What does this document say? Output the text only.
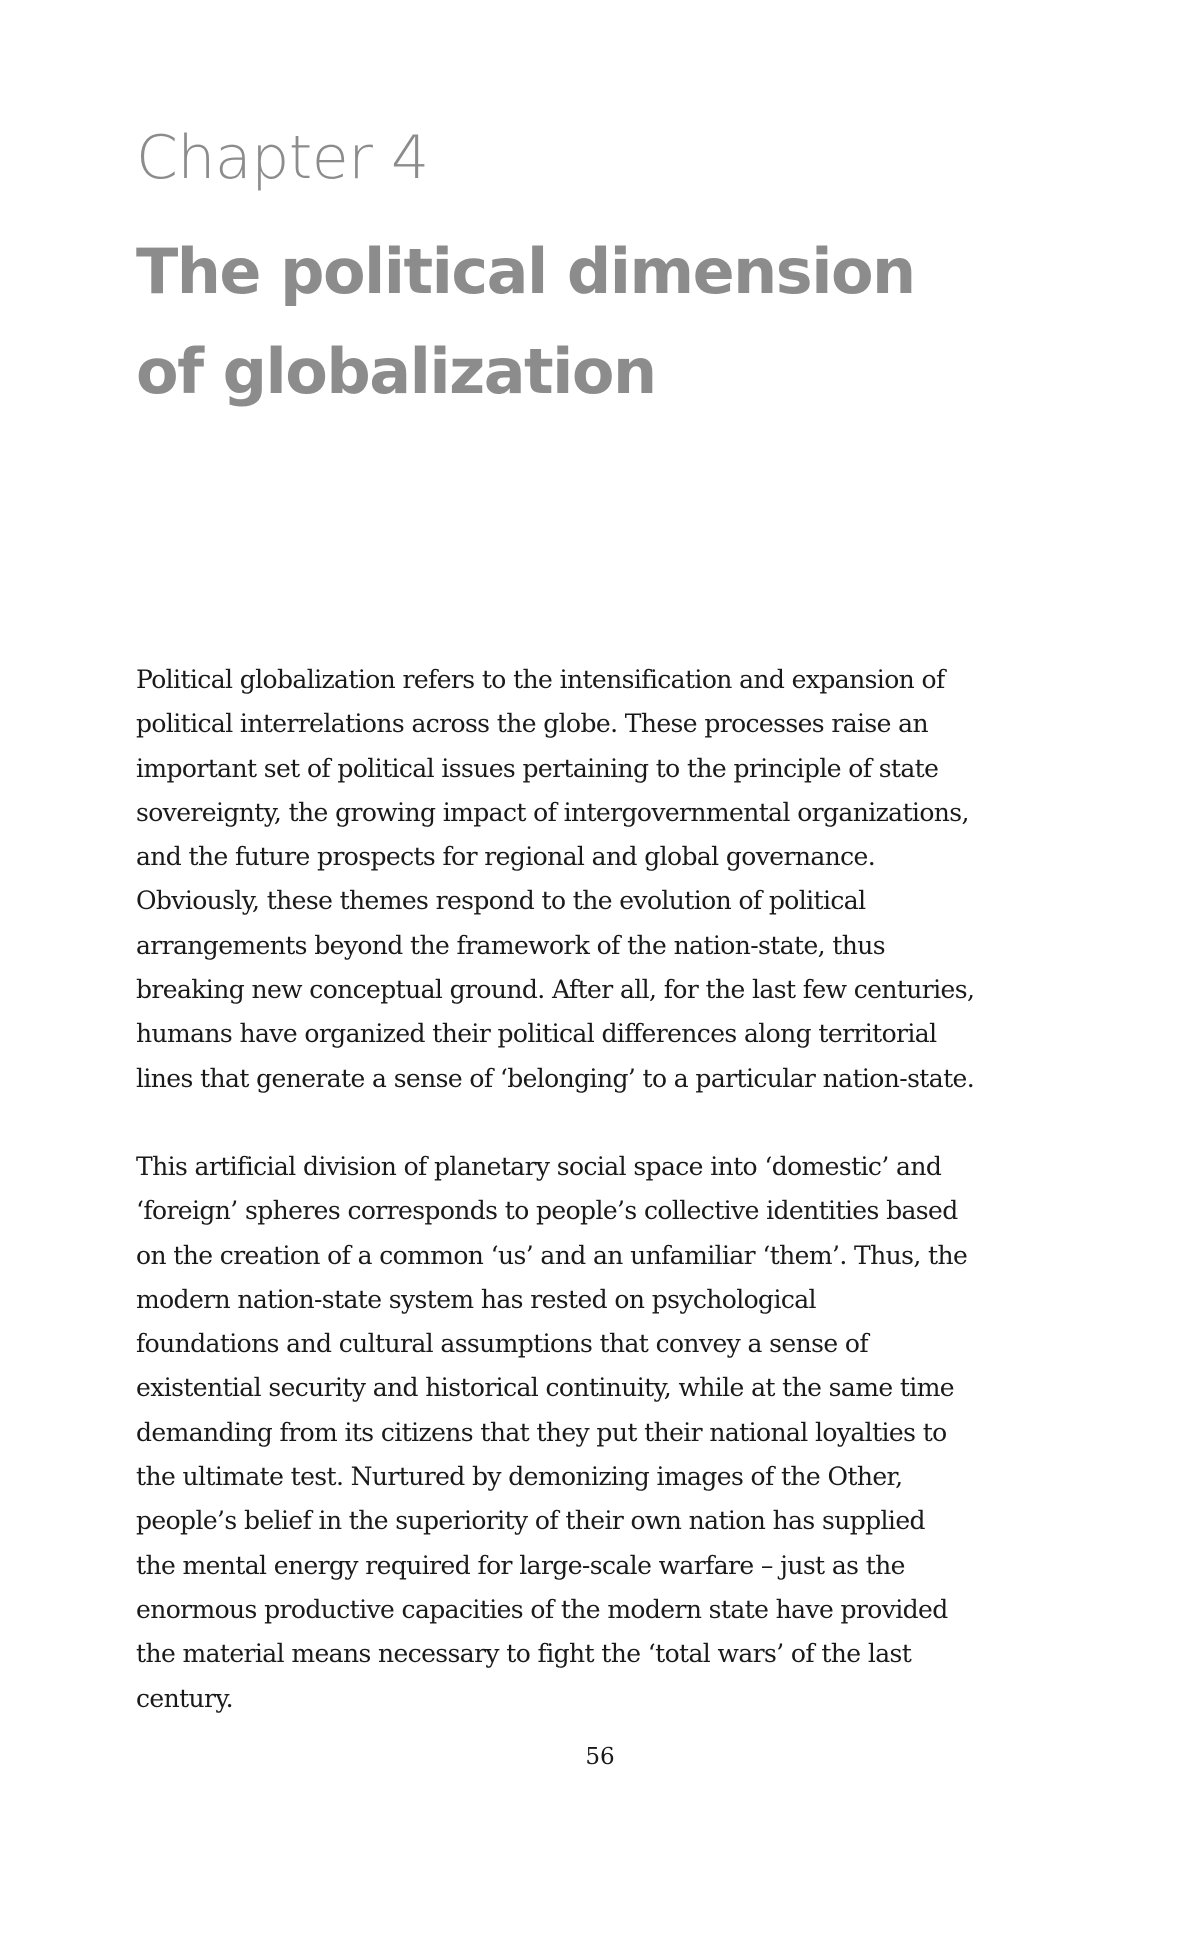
Chapter 4
The political dimension
of globalization

Political globalization refers to the intensification and expansion of
political interrelations across the globe. These processes raise an
important set of political issues pertaining to the principle of state
sovereignty, the growing impact of intergovernmental organizations,
and the future prospects for regional and global governance.
Obviously, these themes respond to the evolution of political
arrangements beyond the framework of the nation-state, thus
breaking new conceptual ground. After all, for the last few centuries,
humans have organized their political differences along territorial
lines that generate a sense of ‘belonging’ to a particular nation-state.

This artificial division of planetary social space into ‘domestic’ and
‘foreign’ spheres corresponds to people’s collective identities based
on the creation of a common ‘us’ and an unfamiliar ‘them’. Thus, the
modern nation-state system has rested on psychological
foundations and cultural assumptions that convey a sense of
existential security and historical continuity, while at the same time
demanding from its citizens that they put their national loyalties to
the ultimate test. Nurtured by demonizing images of the Other,
people’s belief in the superiority of their own nation has supplied
the mental energy required for large-scale warfare – just as the
enormous productive capacities of the modern state have provided
the material means necessary to fight the ‘total wars’ of the last
century.

56
